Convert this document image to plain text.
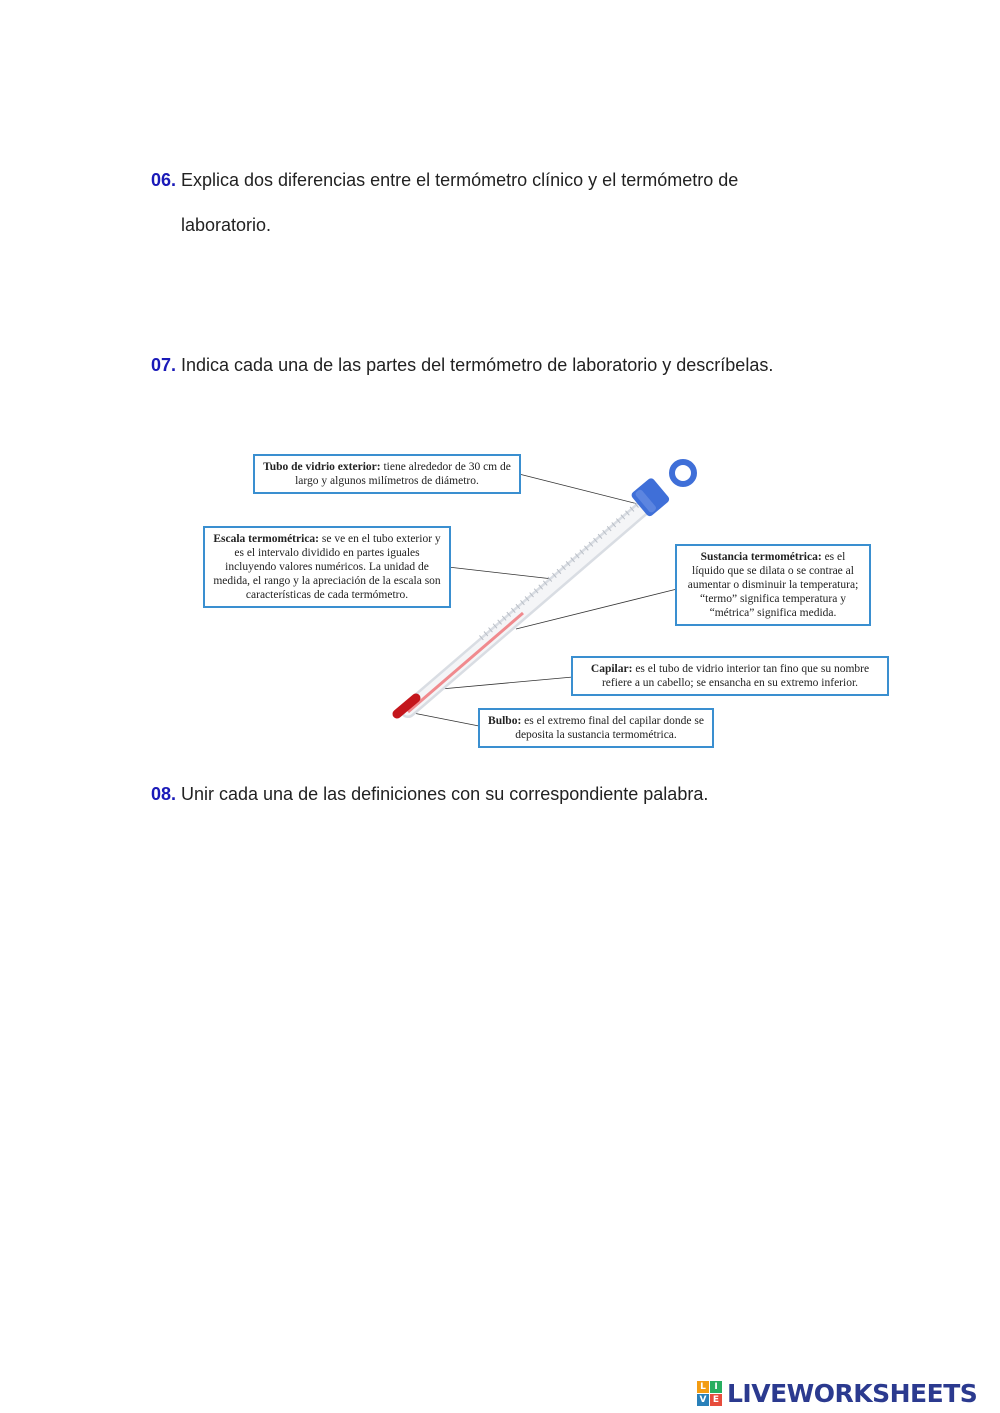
06. Explica dos diferencias entre el termómetro clínico y el termómetro de
laboratorio.
07. Indica cada una de las partes del termómetro de laboratorio y descríbelas.
Tubo de vidrio exterior: tiene alrededor de 30 cm de largo y algunos milímetros de diámetro.
Escala termométrica: se ve en el tubo exterior y es el intervalo dividido en partes iguales incluyendo valores numéricos. La unidad de medida, el rango y la apreciación de la escala son características de cada termómetro.
Sustancia termométrica: es el líquido que se dilata o se contrae al aumentar o disminuir la temperatura; “termo” significa temperatura y “métrica” significa medida.
Capilar: es el tubo de vidrio interior tan fino que su nombre refiere a un cabello; se ensancha en su extremo inferior.
Bulbo: es el extremo final del capilar donde se deposita la sustancia termométrica.
08. Unir cada una de las definiciones con su correspondiente palabra.
L I
V E LIVEWORKSHEETS
